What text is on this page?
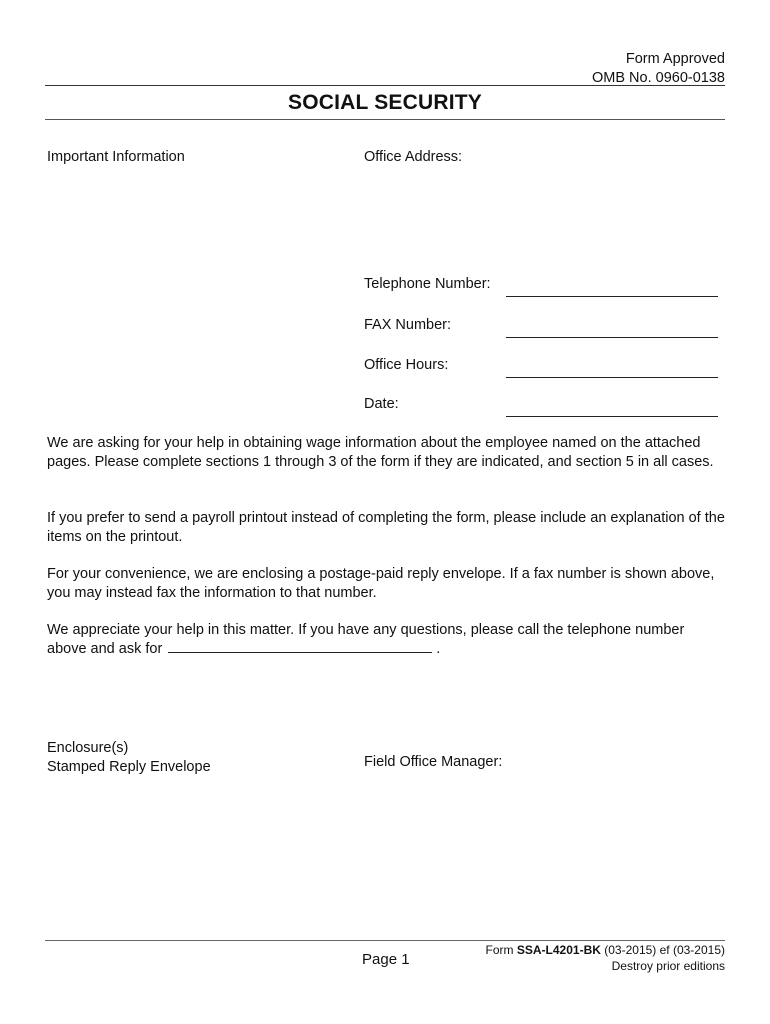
Form Approved
OMB No. 0960-0138
SOCIAL SECURITY
Important Information	Office Address:
Telephone Number:
FAX Number:
Office Hours:
Date:
We are asking for your help in obtaining wage information about the employee named on the attached pages. Please complete sections 1 through 3 of the form if they are indicated, and section 5 in all cases.
If you prefer to send a payroll printout instead of completing the form, please include an explanation of the items on the printout.
For your convenience, we are enclosing a postage-paid reply envelope. If a fax number is shown above, you may instead fax the information to that number.
We appreciate your help in this matter. If you have any questions, please call the telephone number
above and ask for	.
Enclosure(s)
Stamped Reply Envelope	Field Office Manager:
Page 1
Form SSA-L4201-BK (03-2015) ef (03-2015)
Destroy prior editions
